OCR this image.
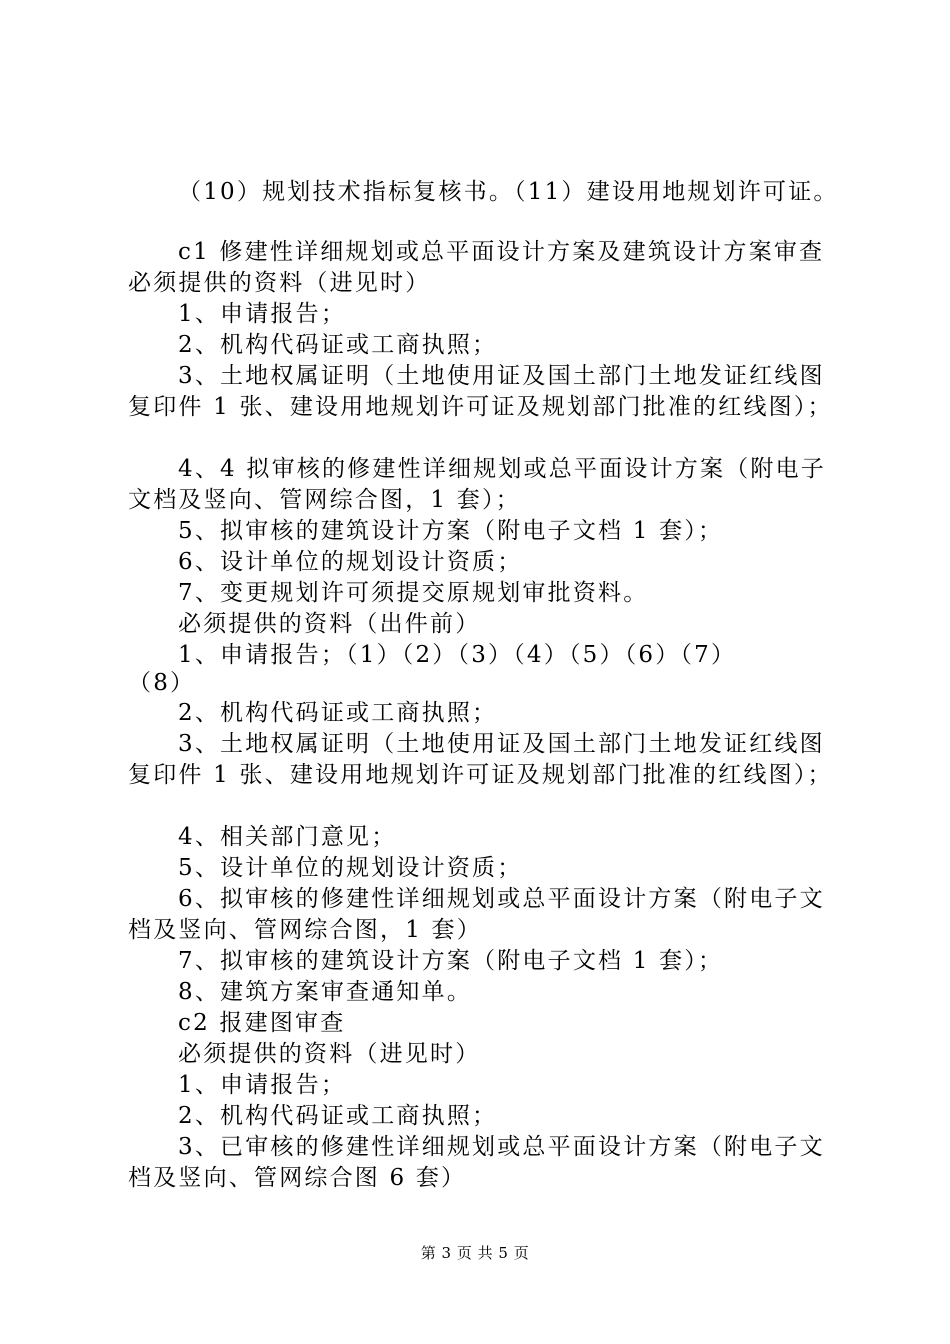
（10）规划技术指标复核书。（11）建设用地规划许可证。
c1 修建性详细规划或总平面设计方案及建筑设计方案审查
必须提供的资料（进见时）
1、申请报告；
2、机构代码证或工商执照；
3、土地权属证明（土地使用证及国土部门土地发证红线图
复印件 1 张、建设用地规划许可证及规划部门批准的红线图）；
4、4 拟审核的修建性详细规划或总平面设计方案（附电子
文档及竖向、管网综合图，1 套）；
5、拟审核的建筑设计方案（附电子文档 1 套）；
6、设计单位的规划设计资质；
7、变更规划许可须提交原规划审批资料。
必须提供的资料（出件前）
1、申请报告；（1）（2）（3）（4）（5）（6）（7）
（8）
2、机构代码证或工商执照；
3、土地权属证明（土地使用证及国土部门土地发证红线图
复印件 1 张、建设用地规划许可证及规划部门批准的红线图）；
4、相关部门意见；
5、设计单位的规划设计资质；
6、拟审核的修建性详细规划或总平面设计方案（附电子文
档及竖向、管网综合图，1 套）
7、拟审核的建筑设计方案（附电子文档 1 套）；
8、建筑方案审查通知单。
c2 报建图审查
必须提供的资料（进见时）
1、申请报告；
2、机构代码证或工商执照；
3、已审核的修建性详细规划或总平面设计方案（附电子文
档及竖向、管网综合图 6 套）
第 3 页 共 5 页
